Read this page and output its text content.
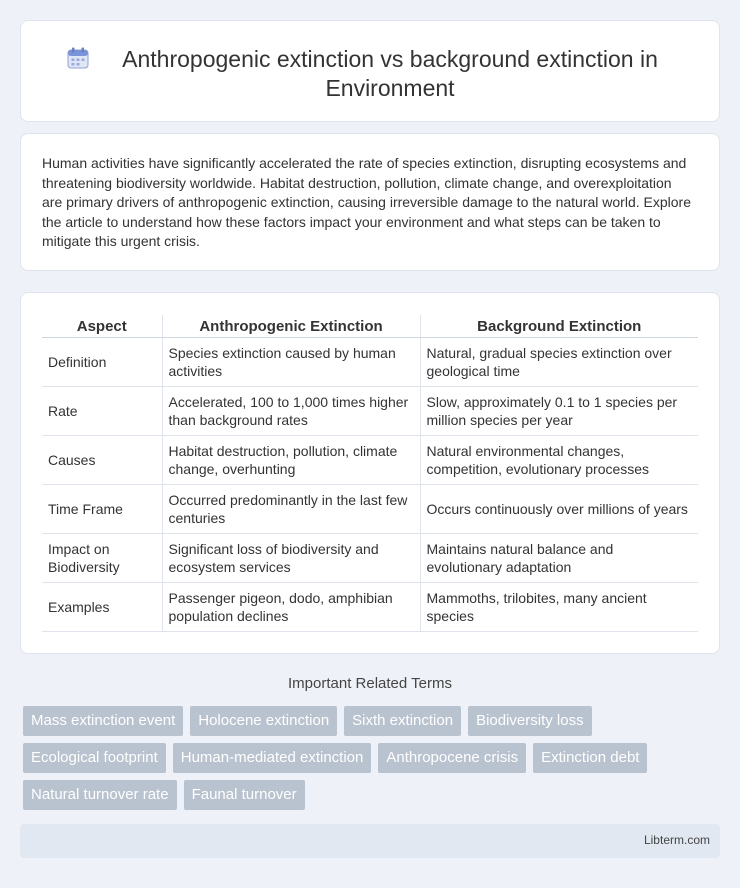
Anthropogenic extinction vs background extinction in Environment

Human activities have significantly accelerated the rate of species extinction, disrupting ecosystems and threatening biodiversity worldwide. Habitat destruction, pollution, climate change, and overexploitation are primary drivers of anthropogenic extinction, causing irreversible damage to the natural world. Explore the article to understand how these factors impact your environment and what steps can be taken to mitigate this urgent crisis.

Aspect	Anthropogenic Extinction	Background Extinction
Definition	Species extinction caused by human activities	Natural, gradual species extinction over geological time
Rate	Accelerated, 100 to 1,000 times higher than background rates	Slow, approximately 0.1 to 1 species per million species per year
Causes	Habitat destruction, pollution, climate change, overhunting	Natural environmental changes, competition, evolutionary processes
Time Frame	Occurred predominantly in the last few centuries	Occurs continuously over millions of years
Impact on Biodiversity	Significant loss of biodiversity and ecosystem services	Maintains natural balance and evolutionary adaptation
Examples	Passenger pigeon, dodo, amphibian population declines	Mammoths, trilobites, many ancient species
Important Related Terms
Mass extinction event	Holocene extinction	Sixth extinction	Biodiversity loss
Ecological footprint	Human-mediated extinction	Anthropocene crisis	Extinction debt
Natural turnover rate	Faunal turnover
Libterm.com
